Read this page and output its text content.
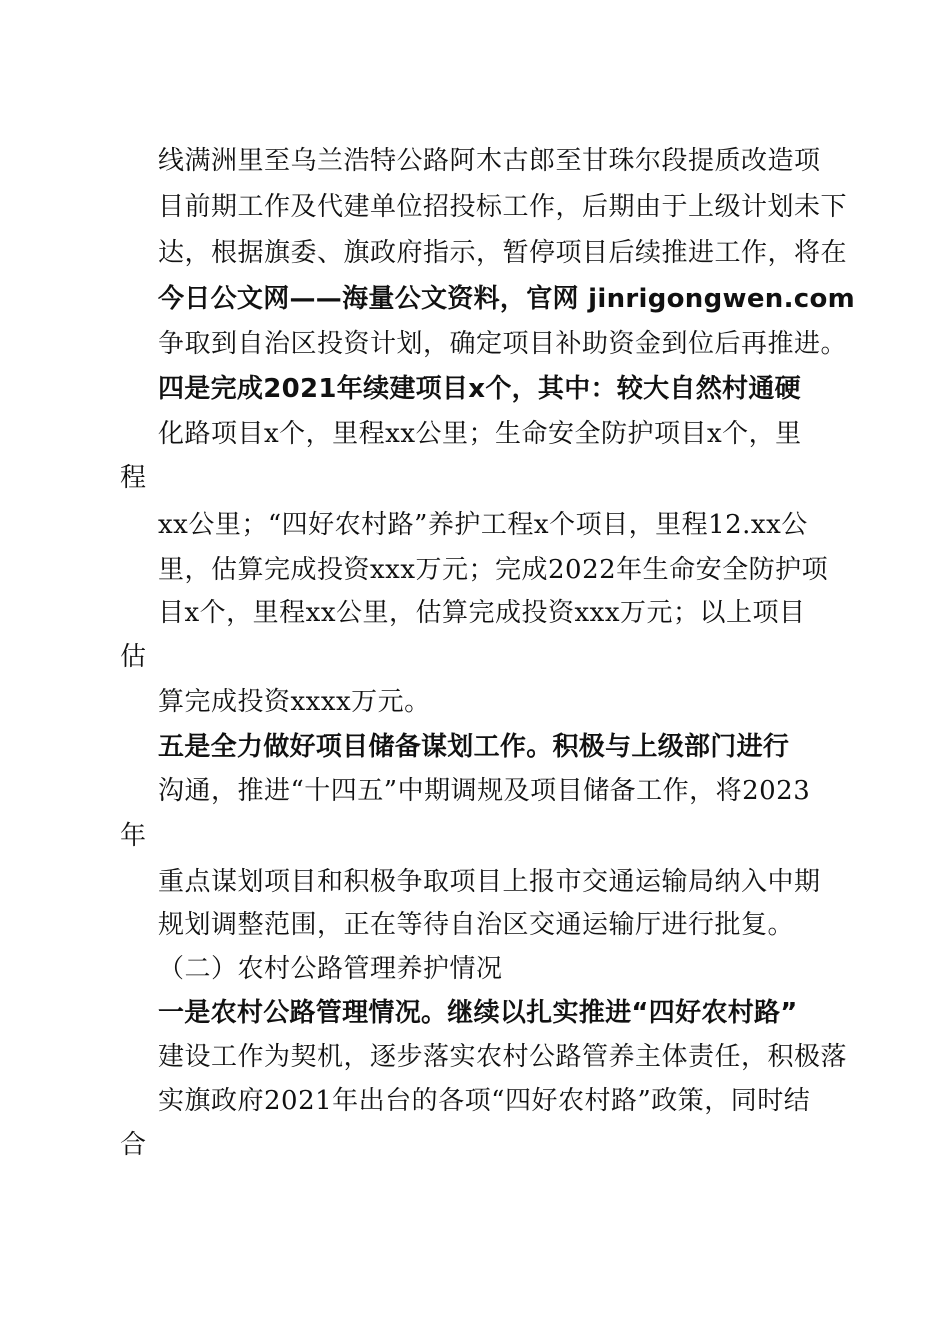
线满洲里至乌兰浩特公路阿木古郎至甘珠尔段提质改造项
目前期工作及代建单位招投标工作，后期由于上级计划未下
达，根据旗委、旗政府指示，暂停项目后续推进工作，将在
今日公文网——海量公文资料，官网 jinrigongwen.com
争取到自治区投资计划，确定项目补助资金到位后再推进。
四是完成2021年续建项目x个，其中：较大自然村通硬
化路项目x个，里程xx公里；生命安全防护项目x个，里
程
xx公里；“四好农村路”养护工程x个项目，里程12.xx公
里，估算完成投资xxx万元；完成2022年生命安全防护项
目x个，里程xx公里，估算完成投资xxx万元；以上项目
估
算完成投资xxxx万元。
五是全力做好项目储备谋划工作。积极与上级部门进行
沟通，推进“十四五”中期调规及项目储备工作，将2023
年
重点谋划项目和积极争取项目上报市交通运输局纳入中期
规划调整范围，正在等待自治区交通运输厅进行批复。
（二）农村公路管理养护情况
一是农村公路管理情况。继续以扎实推进“四好农村路”
建设工作为契机，逐步落实农村公路管养主体责任，积极落
实旗政府2021年出台的各项“四好农村路”政策，同时结
合
